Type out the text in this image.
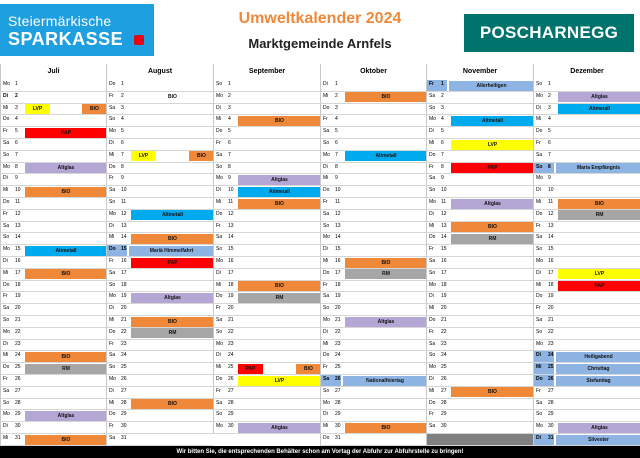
Steiermärkische
SPARKASSE
Umweltkalender 2024
Marktgemeinde Arnfels
POSCHARNEGG
Juli	August	September	Oktober	November	Dezember
Mo 1
Di 2
Mi 3	LVP	BIO
Do 4
Fr 5	PAP
Sa 6
So 7
Mo 8	Altglas
Di 9
Mi 10	BIO
Do 11
Fr 12
Sa 13
So 14
Mo 15	Altmetall
Di 16
Mi 17	BIO
Do 18
Fr 19
Sa 20
So 21
Mo 22
Di 23
Mi 24	BIO
Do 25	RM
Fr 26
Sa 27
So 28
Mo 29	Altglas
Di 30
Mi 31	BIO
Do 1
Fr 2	BIO
Sa 3
So 4
Mo 5
Di 6
Mi 7	LVP	BIO
Do 8
Fr 9
Sa 10
So 11
Mo 12	Altmetall
Di 13
Mi 14	BIO
Do 15	Mariä Himmelfahrt
Fr 16	PAP
Sa 17
So 18
Mo 19	Altglas
Di 20
Mi 21	BIO
Do 22	RM
Fr 23
Sa 24
So 25
Mo 26
Di 27
Mi 28	BIO
Do 29
Fr 30
Sa 31
So 1
Mo 2
Di 3
Mi 4	BIO
Do 5
Fr 6
Sa 7
So 8
Mo 9	Altglas
Di 10	Altmetall
Mi 11	BIO
Do 12
Fr 13
Sa 14
So 15
Mo 16
Di 17
Mi 18	BIO
Do 19	RM
Fr 20
Sa 21
So 22
Mo 23
Di 24
Mi 25	PAP	BIO
Do 26	LVP
Fr 27
Sa 28
So 29
Mo 30	Altglas
Di 1
Mi 2	BIO
Do 3
Fr 4
Sa 5
So 6
Mo 7	Altmetall
Di 8
Mi 9
Do 10
Fr 11
Sa 12
So 13
Mo 14
Di 15
Mi 16	BIO
Do 17	RM
Fr 18
Sa 19
So 20
Mo 21	Altglas
Di 22
Mi 23
Do 24
Fr 25
Sa 26	Nationalfeiertag
So 27
Mo 28
Di 29
Mi 30	BIO
Do 31
Fr 1	Allerheiligen
Sa 2
So 3
Mo 4	Altmetall
Di 5
Mi 6	LVP
Do 7
Fr 8	PAP
Sa 9
So 10
Mo 11	Altglas
Di 12
Mi 13	BIO
Do 14	RM
Fr 15
Sa 16
So 17
Mo 18
Di 19
Mi 20
Do 21
Fr 22
Sa 23
So 24
Mo 25
Di 26
Mi 27	BIO
Do 28
Fr 29
Sa 30
So 1
Mo 2	Altglas
Di 3	Altmetall
Mi 4
Do 5
Fr 6
Sa 7
So 8	Maria Empfängnis
Mo 9
Di 10
Mi 11	BIO
Do 12	RM
Fr 13
Sa 14
So 15
Mo 16
Di 17	LVP
Mi 18	PAP
Do 19
Fr 20
Sa 21
So 22
Mo 23
Di 24	Heiligabend
Mi 25	Christtag
Do 26	Stefanitag
Fr 27
Sa 28
So 29
Mo 30	Altglas
Di 31	Silvester
Wir bitten Sie, die entsprechenden Behälter schon am Vortag der Abfuhr zur Abfuhrstelle zu bringen!
